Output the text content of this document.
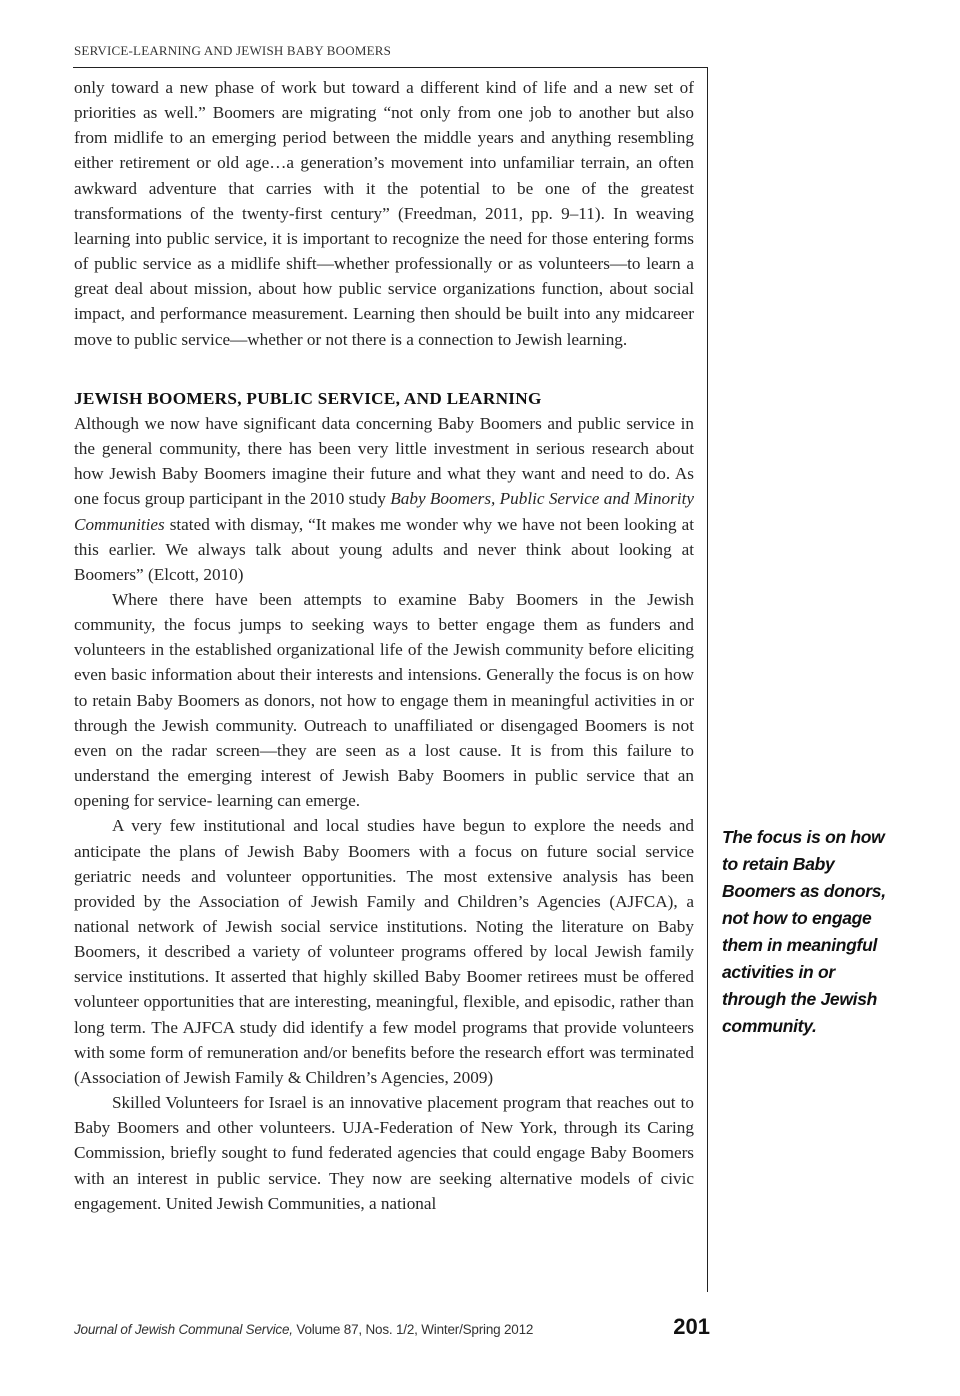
SERVICE-LEARNING AND JEWISH BABY BOOMERS

only toward a new phase of work but toward a different kind of life and a new set of priorities as well.” Boomers are migrating “not only from one job to another but also from midlife to an emerging period between the middle years and anything resembling either retirement or old age…a generation’s movement into unfamiliar terrain, an often awkward adventure that carries with it the potential to be one of the greatest transformations of the twenty-first century” (Freedman, 2011, pp. 9–11). In weaving learning into public service, it is important to recognize the need for those entering forms of public service as a midlife shift—whether professionally or as volunteers—to learn a great deal about mission, about how public service organizations function, about social impact, and performance measurement. Learning then should be built into any midcareer move to public service—whether or not there is a connection to Jewish learning.

JEWISH BOOMERS, PUBLIC SERVICE, AND LEARNING

Although we now have significant data concerning Baby Boomers and public service in the general community, there has been very little investment in serious research about how Jewish Baby Boomers imagine their future and what they want and need to do. As one focus group participant in the 2010 study Baby Boomers, Public Service and Minority Communities stated with dismay, “It makes me wonder why we have not been looking at this earlier. We always talk about young adults and never think about looking at Boomers” (Elcott, 2010)

Where there have been attempts to examine Baby Boomers in the Jewish community, the focus jumps to seeking ways to better engage them as funders and volunteers in the established organizational life of the Jewish community before eliciting even basic information about their interests and intensions. Generally the focus is on how to retain Baby Boomers as donors, not how to engage them in meaningful activities in or through the Jewish community. Outreach to unaffiliated or disengaged Boomers is not even on the radar screen—they are seen as a lost cause. It is from this failure to understand the emerging interest of Jewish Baby Boomers in public service that an opening for service- learning can emerge.

A very few institutional and local studies have begun to explore the needs and anticipate the plans of Jewish Baby Boomers with a focus on future social service geriatric needs and volunteer opportunities. The most extensive analysis has been provided by the Association of Jewish Family and Children’s Agencies (AJFCA), a national network of Jewish social service institutions. Noting the literature on Baby Boomers, it described a variety of volunteer programs offered by local Jewish family service institutions. It asserted that highly skilled Baby Boomer retirees must be offered volunteer opportunities that are interesting, meaningful, flexible, and episodic, rather than long term. The AJFCA study did identify a few model programs that provide volunteers with some form of remuneration and/or benefits before the research effort was terminated (Association of Jewish Family & Children’s Agencies, 2009)

Skilled Volunteers for Israel is an innovative placement program that reaches out to Baby Boomers and other volunteers. UJA-Federation of New York, through its Caring Commission, briefly sought to fund federated agencies that could engage Baby Boomers with an interest in public service. They now are seeking alternative models of civic engagement. United Jewish Communities, a national

The focus is on how to retain Baby Boomers as donors, not how to engage them in meaningful activities in or through the Jewish community.
Journal of Jewish Communal Service, Volume 87, Nos. 1/2, Winter/Spring 2012	201
